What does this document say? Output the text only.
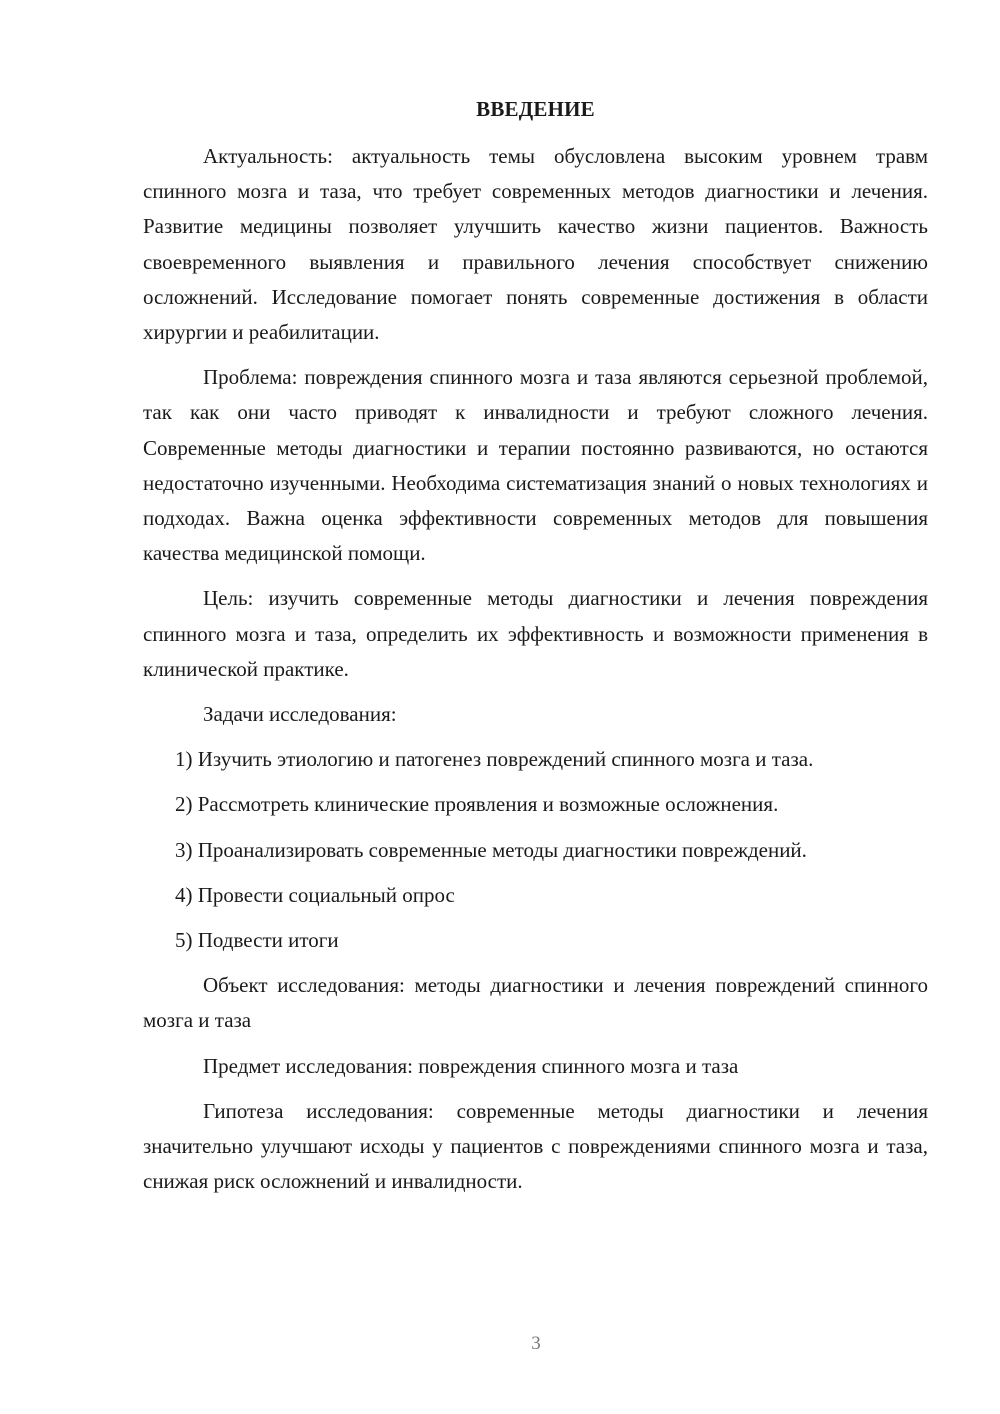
ВВЕДЕНИЕ

Актуальность: актуальность темы обусловлена высоким уровнем травм спинного мозга и таза, что требует современных методов диагностики и лечения. Развитие медицины позволяет улучшить качество жизни пациентов. Важность своевременного выявления и правильного лечения способствует снижению осложнений. Исследование помогает понять современные достижения в области хирургии и реабилитации.

Проблема: повреждения спинного мозга и таза являются серьезной проблемой, так как они часто приводят к инвалидности и требуют сложного лечения. Современные методы диагностики и терапии постоянно развиваются, но остаются недостаточно изученными. Необходима систематизация знаний о новых технологиях и подходах. Важна оценка эффективности современных методов для повышения качества медицинской помощи.

Цель: изучить современные методы диагностики и лечения повреждения спинного мозга и таза, определить их эффективность и возможности применения в клинической практике.

Задачи исследования:

1) Изучить этиологию и патогенез повреждений спинного мозга и таза.

2) Рассмотреть клинические проявления и возможные осложнения.

3) Проанализировать современные методы диагностики повреждений.

4) Провести социальный опрос

5) Подвести итоги

Объект исследования: методы диагностики и лечения повреждений спинного мозга и таза

Предмет исследования: повреждения спинного мозга и таза

Гипотеза исследования: современные методы диагностики и лечения значительно улучшают исходы у пациентов с повреждениями спинного мозга и таза, снижая риск осложнений и инвалидности.

3
